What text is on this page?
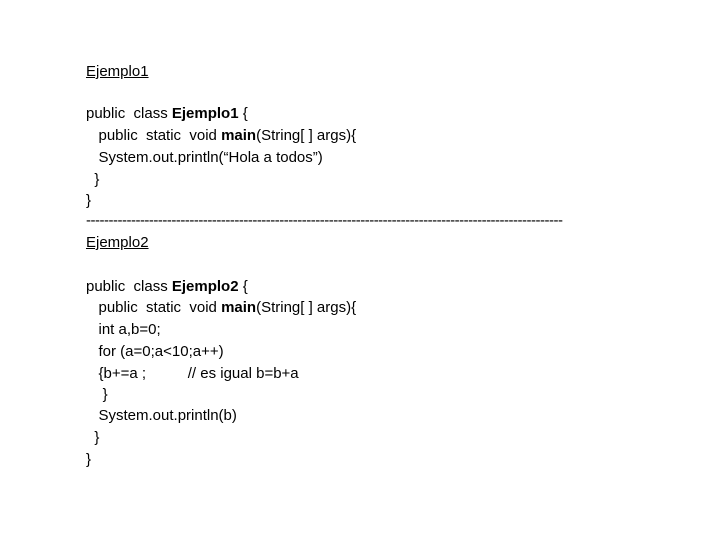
Ejemplo1
public  class Ejemplo1 {
public  static  void main(String[ ] args){
System.out.println(“Hola a todos”)
}
}
----------------------------------------------------------------------------------------------------------
Ejemplo2
public  class Ejemplo2 {
public  static  void main(String[ ] args){
int a,b=0;
for (a=0;a<10;a++)
{b+=a ;          // es igual b=b+a
}
System.out.println(b)
}
}
